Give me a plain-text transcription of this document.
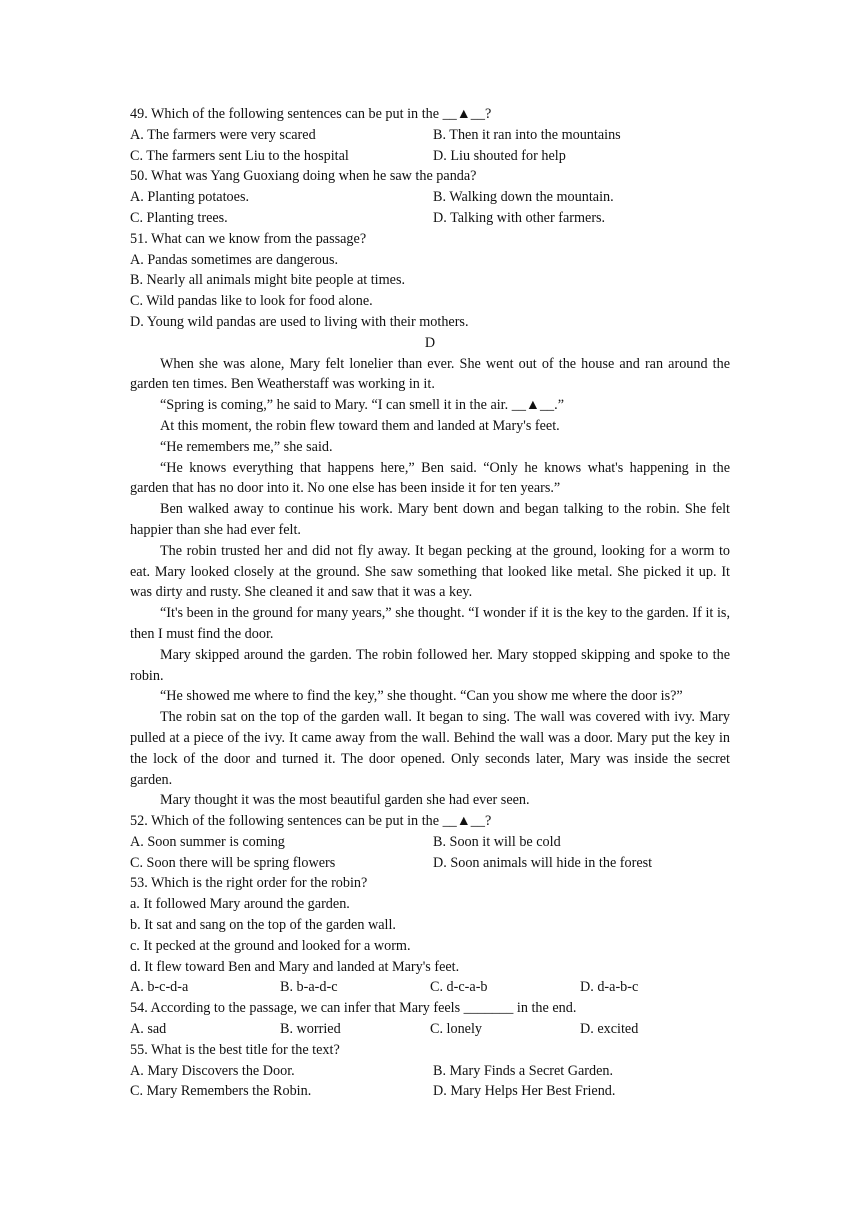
49. Which of the following sentences can be put in the __▲__?
A. The farmers were very scared	B. Then it ran into the mountains
C. The farmers sent Liu to the hospital	D. Liu shouted for help
50. What was Yang Guoxiang doing when he saw the panda?
A. Planting potatoes.	B. Walking down the mountain.
C. Planting trees.	D. Talking with other farmers.
51. What can we know from the passage?
A. Pandas sometimes are dangerous.
B. Nearly all animals might bite people at times.
C. Wild pandas like to look for food alone.
D. Young wild pandas are used to living with their mothers.
D

When she was alone, Mary felt lonelier than ever. She went out of the house and ran around the garden ten times. Ben Weatherstaff was working in it.

“Spring is coming,” he said to Mary. “I can smell it in the air. __▲__.”

At this moment, the robin flew toward them and landed at Mary's feet.

“He remembers me,” she said.

“He knows everything that happens here,” Ben said. “Only he knows what's happening in the garden that has no door into it. No one else has been inside it for ten years.”

Ben walked away to continue his work. Mary bent down and began talking to the robin. She felt happier than she had ever felt.

The robin trusted her and did not fly away. It began pecking at the ground, looking for a worm to eat. Mary looked closely at the ground. She saw something that looked like metal. She picked it up. It was dirty and rusty. She cleaned it and saw that it was a key.

“It's been in the ground for many years,” she thought. “I wonder if it is the key to the garden. If it is, then I must find the door.

Mary skipped around the garden. The robin followed her. Mary stopped skipping and spoke to the robin.

“He showed me where to find the key,” she thought. “Can you show me where the door is?”

The robin sat on the top of the garden wall. It began to sing. The wall was covered with ivy. Mary pulled at a piece of the ivy. It came away from the wall. Behind the wall was a door. Mary put the key in the lock of the door and turned it. The door opened. Only seconds later, Mary was inside the secret garden.

Mary thought it was the most beautiful garden she had ever seen.

52. Which of the following sentences can be put in the __▲__?
A. Soon summer is coming	B. Soon it will be cold
C. Soon there will be spring flowers	D. Soon animals will hide in the forest
53. Which is the right order for the robin?
a. It followed Mary around the garden.
b. It sat and sang on the top of the garden wall.
c. It pecked at the ground and looked for a worm.
d. It flew toward Ben and Mary and landed at Mary's feet.
A. b-c-d-a	B. b-a-d-c	C. d-c-a-b	D. d-a-b-c
54. According to the passage, we can infer that Mary feels _______ in the end.
A. sad	B. worried	C. lonely	D. excited
55. What is the best title for the text?
A. Mary Discovers the Door.	B. Mary Finds a Secret Garden.
C. Mary Remembers the Robin.	D. Mary Helps Her Best Friend.
